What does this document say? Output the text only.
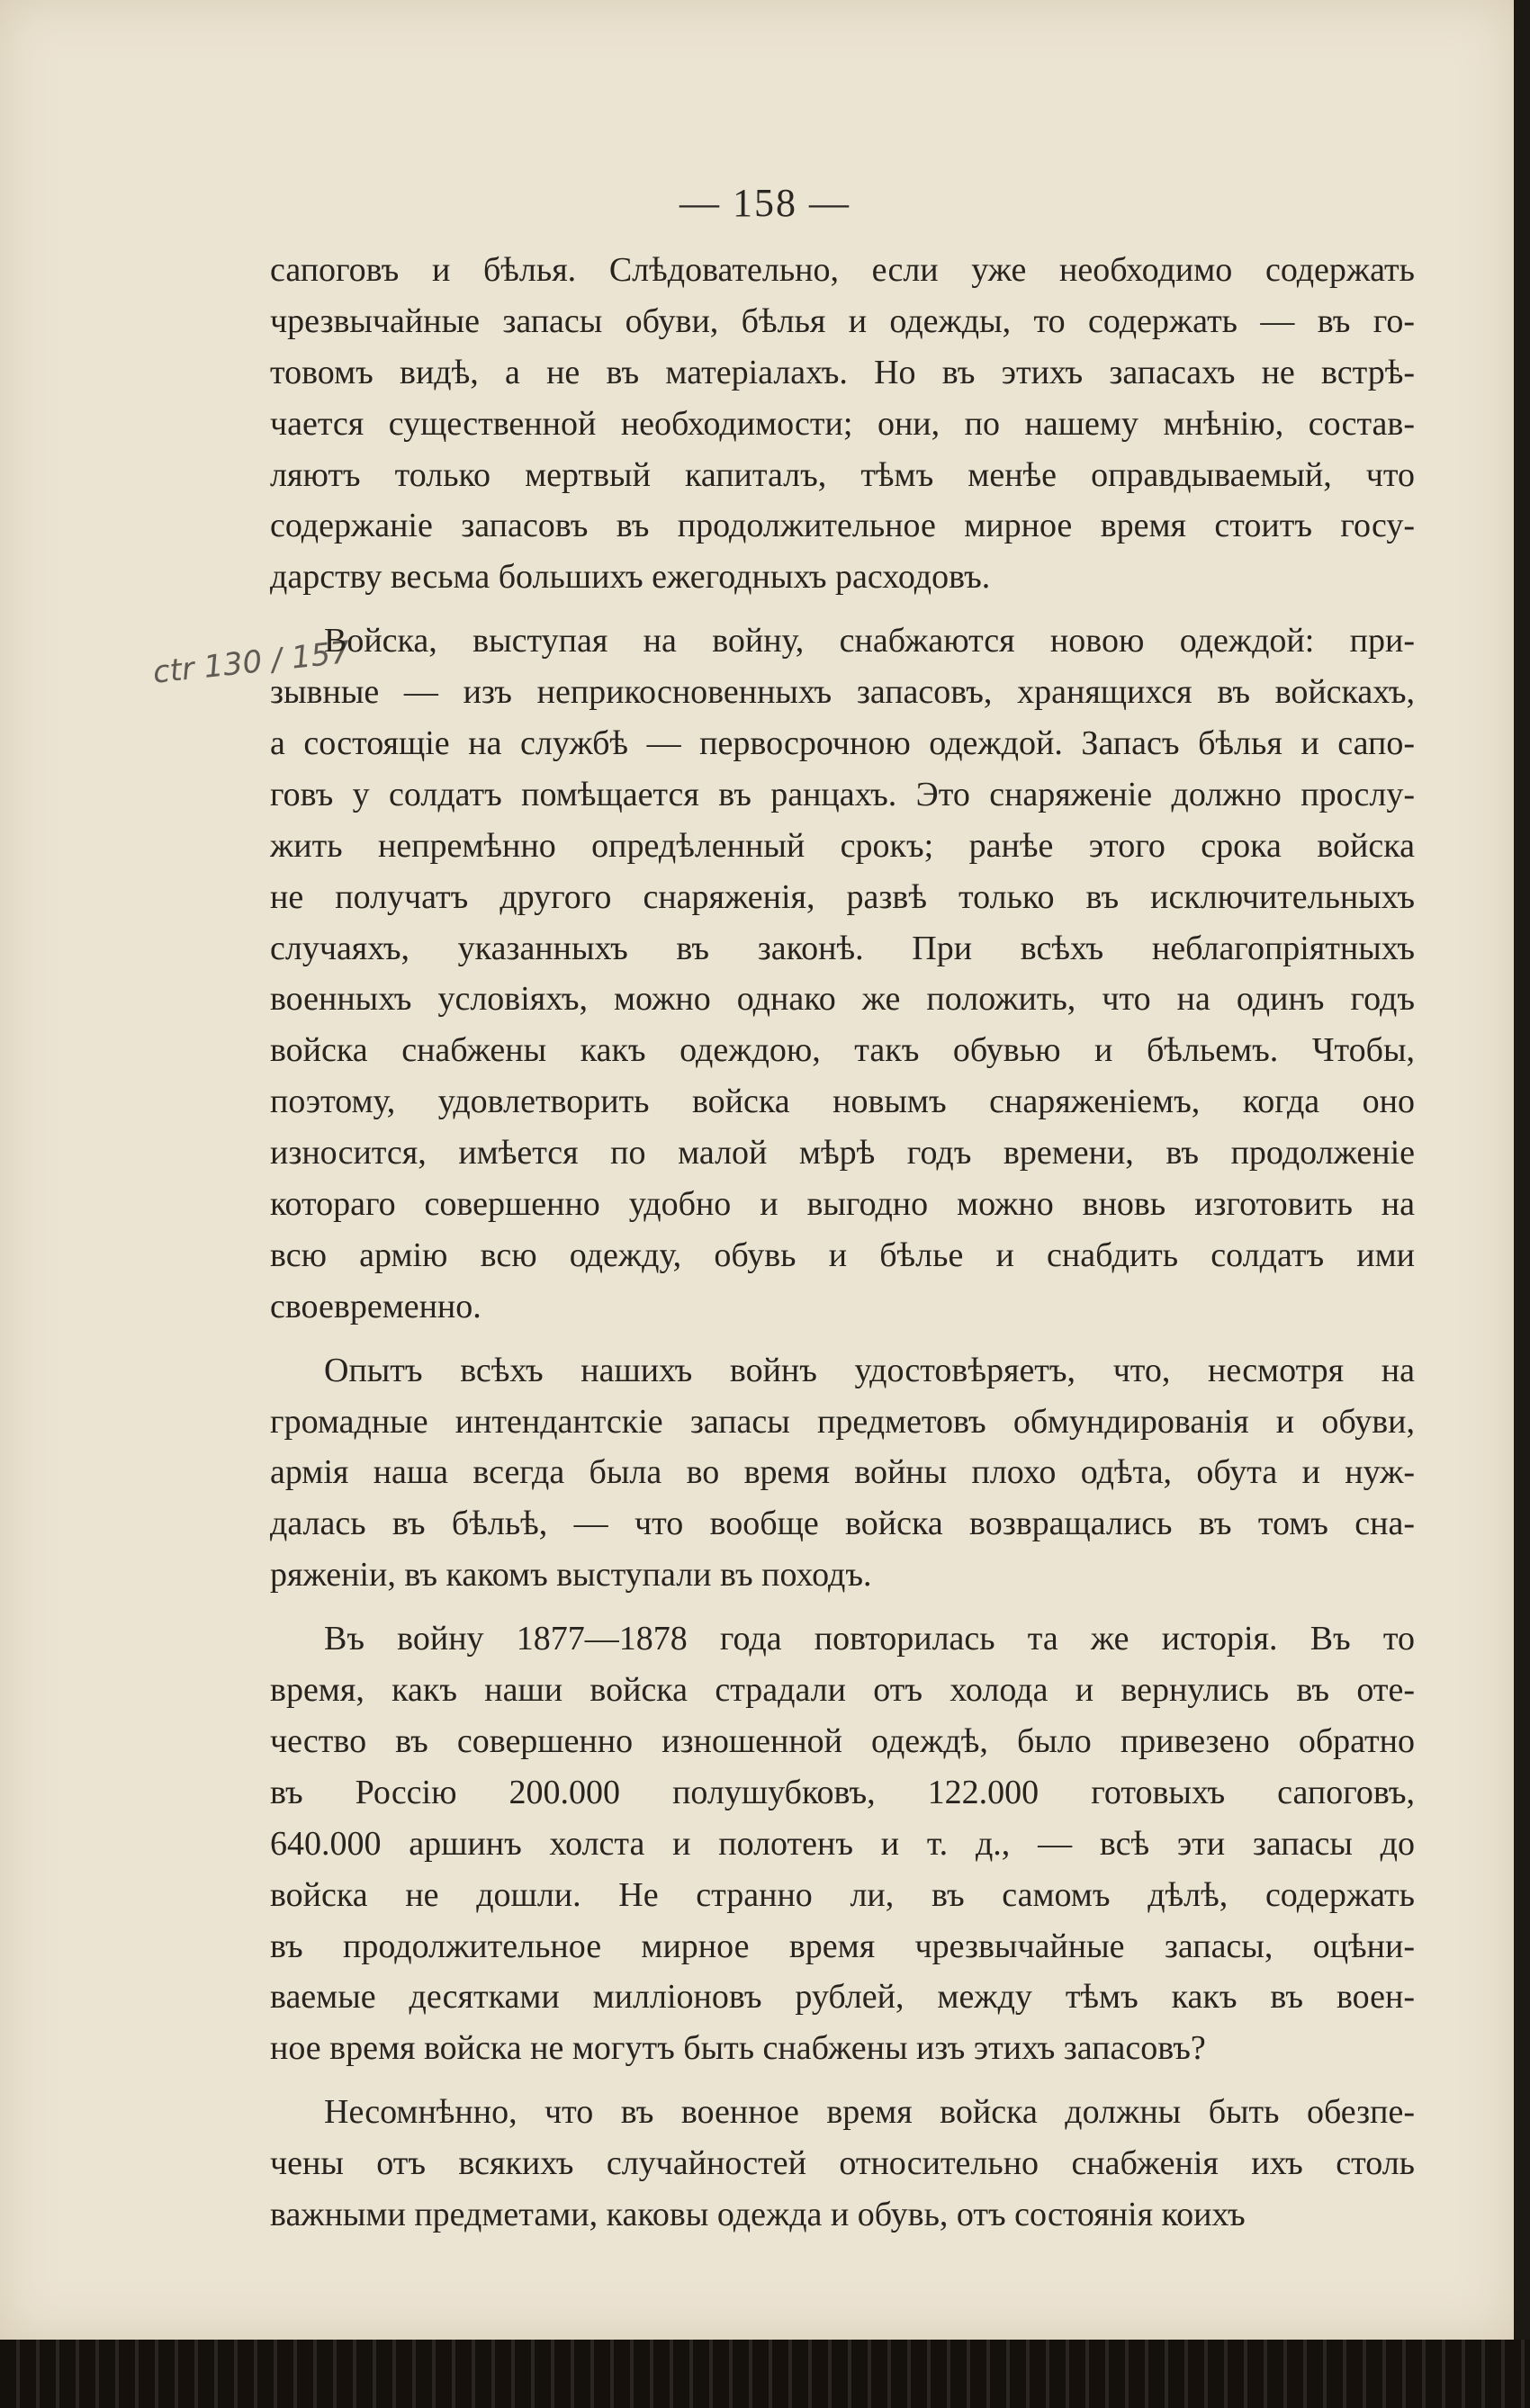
— 158 —
ctr 130 / 157
сапоговъ и бѣлья. Слѣдовательно, если уже необходимо содержать
чрезвычайные запасы обуви, бѣлья и одежды, то содержать — въ го-
товомъ видѣ, а не въ матеріалахъ. Но въ этихъ запасахъ не встрѣ-
чается существенной необходимости; они, по нашему мнѣнію, состав-
ляютъ только мертвый капиталъ, тѣмъ менѣе оправдываемый, что
содержаніе запасовъ въ продолжительное мирное время стоитъ госу-
дарству весьма большихъ ежегодныхъ расходовъ.
Войска, выступая на войну, снабжаются новою одеждой: при-
зывные — изъ неприкосновенныхъ запасовъ, хранящихся въ войскахъ,
а состоящіе на службѣ — первосрочною одеждой. Запасъ бѣлья и сапо-
говъ у солдатъ помѣщается въ ранцахъ. Это снаряженіе должно прослу-
жить непремѣнно опредѣленный срокъ; ранѣе этого срока войска
не получатъ другого снаряженія, развѣ только въ исключительныхъ
случаяхъ, указанныхъ въ законѣ. При всѣхъ неблагопріятныхъ
военныхъ условіяхъ, можно однако же положить, что на одинъ годъ
войска снабжены какъ одеждою, такъ обувью и бѣльемъ. Чтобы,
поэтому, удовлетворить войска новымъ снаряженіемъ, когда оно
износится, имѣется по малой мѣрѣ годъ времени, въ продолженіе
котораго совершенно удобно и выгодно можно вновь изготовить на
всю армію всю одежду, обувь и бѣлье и снабдить солдатъ ими
своевременно.
Опытъ всѣхъ нашихъ войнъ удостовѣряетъ, что, несмотря на
громадные интендантскіе запасы предметовъ обмундированія и обуви,
армія наша всегда была во время войны плохо одѣта, обута и нуж-
далась въ бѣльѣ, — что вообще войска возвращались въ томъ сна-
ряженіи, въ какомъ выступали въ походъ.
Въ войну 1877—1878 года повторилась та же исторія. Въ то
время, какъ наши войска страдали отъ холода и вернулись въ оте-
чество въ совершенно изношенной одеждѣ, было привезено обратно
въ Россію 200.000 полушубковъ, 122.000 готовыхъ сапоговъ,
640.000 аршинъ холста и полотенъ и т. д., — всѣ эти запасы до
войска не дошли. Не странно ли, въ самомъ дѣлѣ, содержать
въ продолжительное мирное время чрезвычайные запасы, оцѣни-
ваемые десятками милліоновъ рублей, между тѣмъ какъ въ воен-
ное время войска не могутъ быть снабжены изъ этихъ запасовъ?
Несомнѣнно, что въ военное время войска должны быть обезпе-
чены отъ всякихъ случайностей относительно снабженія ихъ столь
важными предметами, каковы одежда и обувь, отъ состоянія коихъ
